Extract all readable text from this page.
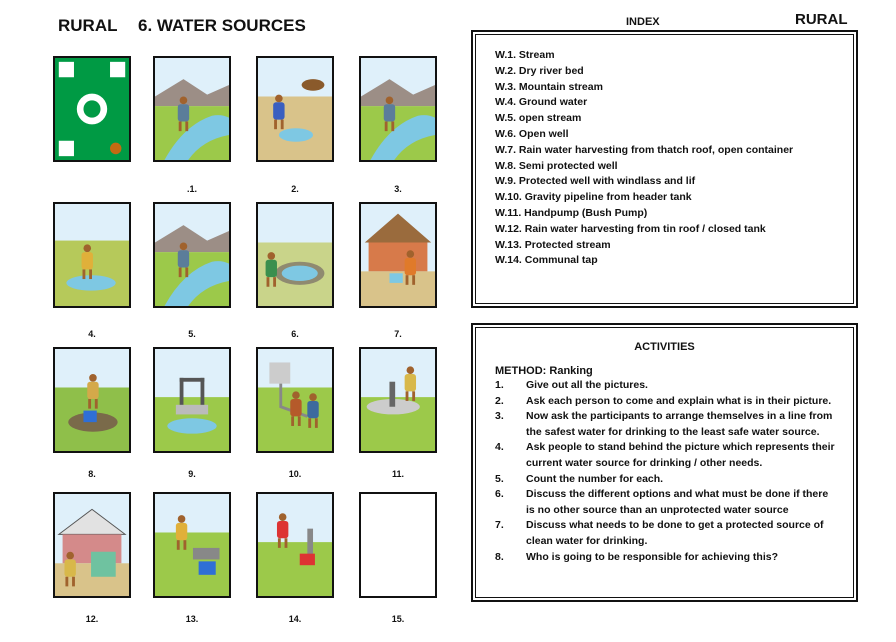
RURAL 6. WATER SOURCES	INDEX	RURAL
.1.	2.	3.
4.	5.	6.	7.
8.	9.	10.	11.
12.	13.	14.	15.
W.1. Stream
W.2. Dry river bed
W.3. Mountain stream
W.4. Ground water
W.5. open stream
W.6. Open well
W.7. Rain water harvesting from thatch roof, open container
W.8. Semi protected well
W.9. Protected well with windlass and lif
W.10. Gravity pipeline from header tank
W.11. Handpump (Bush Pump)
W.12. Rain water harvesting from tin roof / closed tank
W.13. Protected stream
W.14. Communal tap
ACTIVITIES
METHOD: Ranking
1.	Give out all the pictures.
2.	Ask each person to come and explain what is in their picture.
3.	Now ask the participants to arrange themselves in a line from the safest water for drinking to the least safe water source.
4.	Ask people to stand behind the picture which represents their current water source for drinking / other needs.
5.	Count the number for each.
6.	Discuss the different options and what must be done if there is no other source than an unprotected water source
7.	Discuss what needs to be done to get a protected source of clean water for drinking.
8.	Who is going to be responsible for achieving this?
